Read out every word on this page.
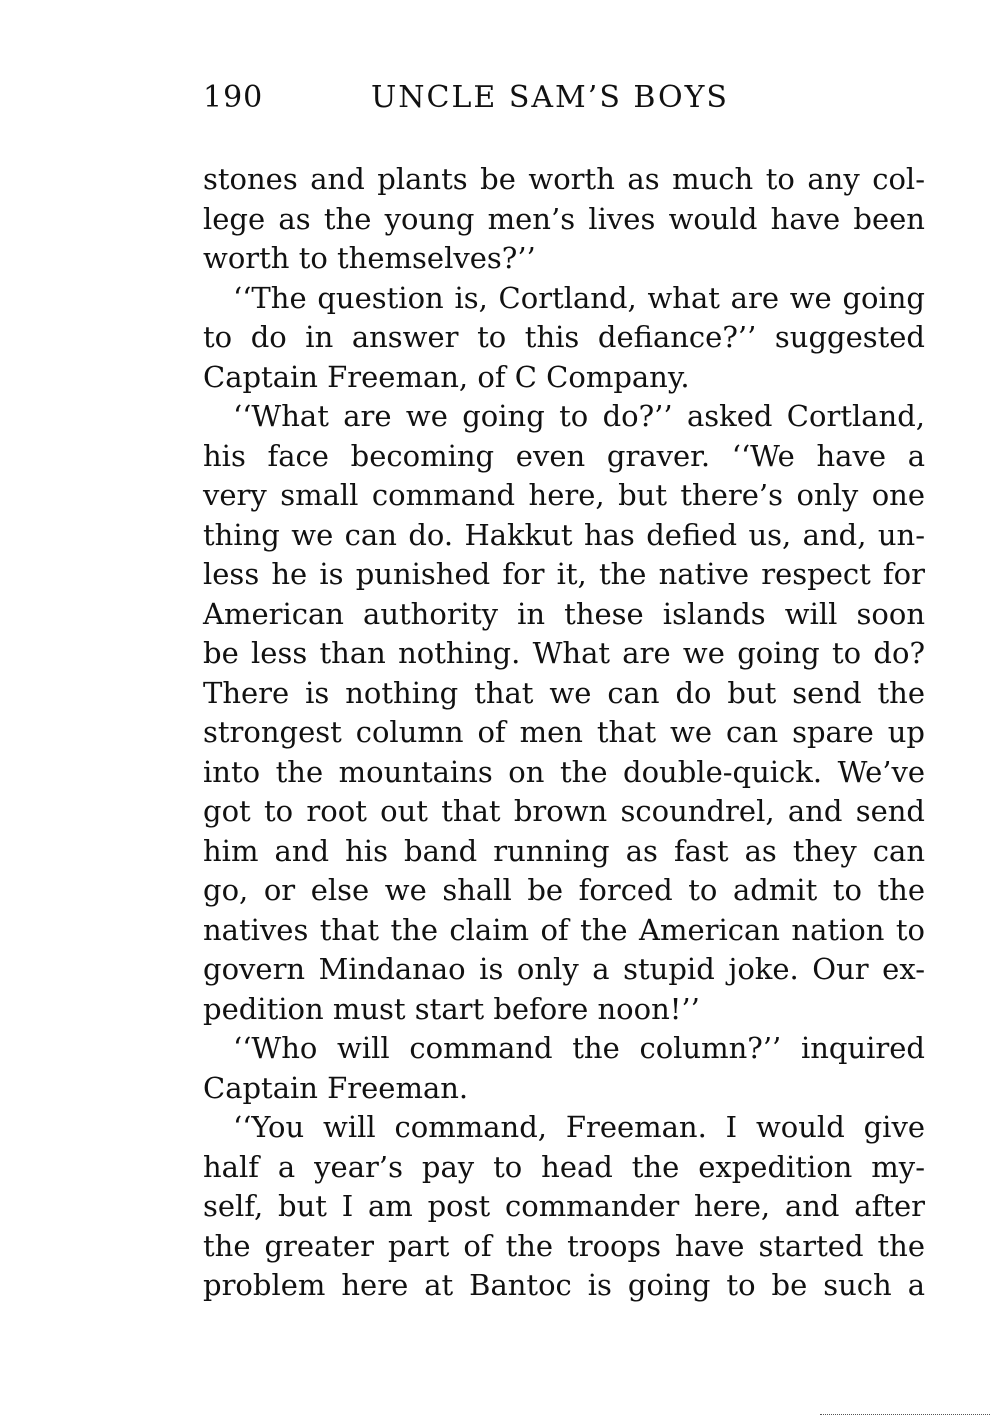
190	UNCLE SAM’S BOYS
stones and plants be worth as much to any col-
lege as the young men’s lives would have been
worth to themselves?’’
‘‘The question is, Cortland, what are we going
to do in answer to this defiance?’’ suggested
Captain Freeman, of C Company.
‘‘What are we going to do?’’ asked Cortland,
his face becoming even graver. ‘‘We have a
very small command here, but there’s only one
thing we can do. Hakkut has defied us, and, un-
less he is punished for it, the native respect for
American authority in these islands will soon
be less than nothing. What are we going to do?
There is nothing that we can do but send the
strongest column of men that we can spare up
into the mountains on the double-quick. We’ve
got to root out that brown scoundrel, and send
him and his band running as fast as they can
go, or else we shall be forced to admit to the
natives that the claim of the American nation to
govern Mindanao is only a stupid joke. Our ex-
pedition must start before noon!’’
‘‘Who will command the column?’’ inquired
Captain Freeman.
‘‘You will command, Freeman. I would give
half a year’s pay to head the expedition my-
self, but I am post commander here, and after
the greater part of the troops have started the
problem here at Bantoc is going to be such a
